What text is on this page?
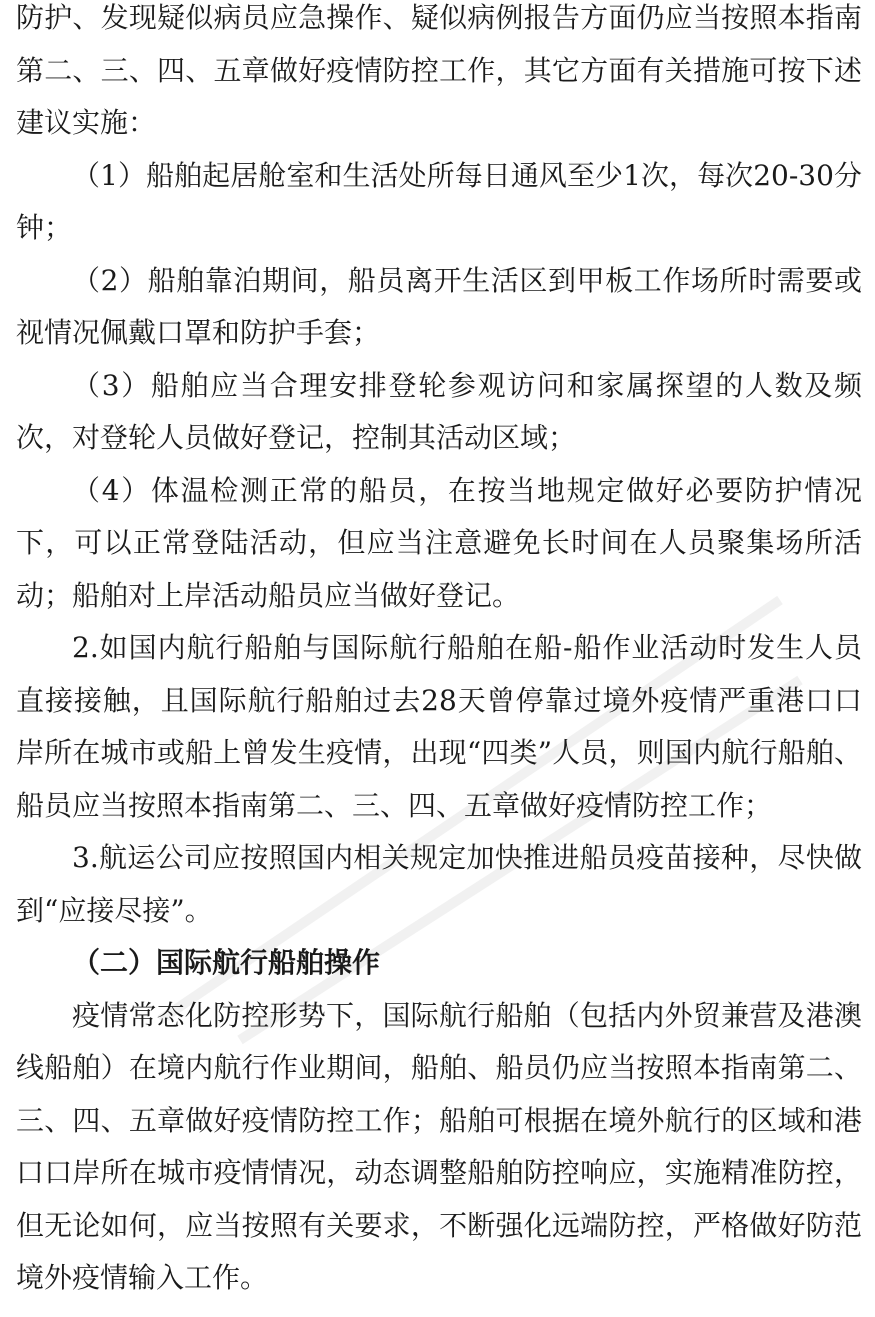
防护、发现疑似病员应急操作、疑似病例报告方面仍应当按照本指南第二、三、四、五章做好疫情防控工作，其它方面有关措施可按下述建议实施：

（1）船舶起居舱室和生活处所每日通风至少1次，每次20-30分钟；

（2）船舶靠泊期间，船员离开生活区到甲板工作场所时需要或视情况佩戴口罩和防护手套；

（3）船舶应当合理安排登轮参观访问和家属探望的人数及频次，对登轮人员做好登记，控制其活动区域；

（4）体温检测正常的船员，在按当地规定做好必要防护情况下，可以正常登陆活动，但应当注意避免长时间在人员聚集场所活动；船舶对上岸活动船员应当做好登记。

2.如国内航行船舶与国际航行船舶在船-船作业活动时发生人员直接接触，且国际航行船舶过去28天曾停靠过境外疫情严重港口口岸所在城市或船上曾发生疫情，出现“四类”人员，则国内航行船舶、船员应当按照本指南第二、三、四、五章做好疫情防控工作；

3.航运公司应按照国内相关规定加快推进船员疫苗接种，尽快做到“应接尽接”。

（二）国际航行船舶操作

疫情常态化防控形势下，国际航行船舶（包括内外贸兼营及港澳线船舶）在境内航行作业期间，船舶、船员仍应当按照本指南第二、三、四、五章做好疫情防控工作；船舶可根据在境外航行的区域和港口口岸所在城市疫情情况，动态调整船舶防控响应，实施精准防控，但无论如何，应当按照有关要求，不断强化远端防控，严格做好防范境外疫情输入工作。
